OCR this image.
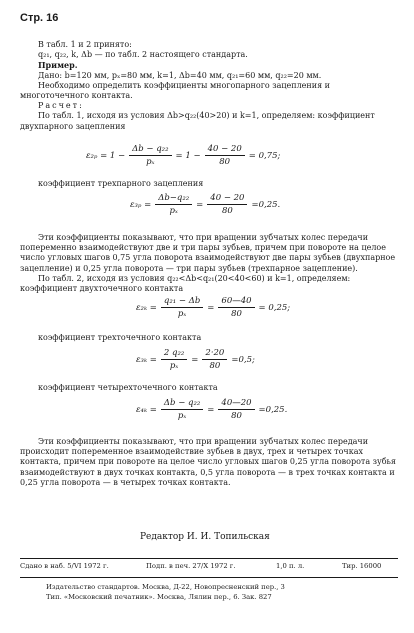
Стр. 16

В табл. 1 и 2 принято:

q₂₁, q₂₂, k, Δb — по табл. 2 настоящего стандарта.

Пример.

Дано: b=120 мм, pₓ=80 мм, k=1, Δb=40 мм, q₂₁=60 мм, q₂₂=20 мм.

Необходимо определить коэффициенты многопарного зацепления и многоточечного контакта.

Расчет:

По табл. 1, исходя из условия Δb>q₂₂(40>20) и k=1, определяем: коэффициент двухпарного зацепления

$\varepsilon_{2p} = 1 - \frac{\text{Δb − q₂₂}}{\text{pₓ}} = 1 - \frac{40 - 20}{80} = 0,75$;

коэффициент трехпарного зацепления

$\varepsilon_{3p} = \frac{\text{Δb−q₂₂}}{\text{pₓ}} = \frac{40 - 20}{80} =0,25$.

Эти коэффициенты показывают, что при вращении зубчатых колес передачи попеременно взаимодействуют две и три пары зубьев, причем при повороте на целое число угловых шагов 0,75 угла поворота взаимодействуют две пары зубьев (двухпарное зацепление) и 0,25 угла поворота — три пары зубьев (трехпарное зацепление).

По табл. 2, исходя из условия q₂₂<Δb<q₂₁(20<40<60) и k=1, определяем: коэффициент двухточечного контакта

$\varepsilon_{2k} = \frac{\text{q₂₁ − Δb}}{\text{pₓ}} = \frac{60—40}{80} = 0,25$;

коэффициент трехточечного контакта

$\varepsilon_{3k} = \frac{\text{2 q₂₂}}{\text{pₓ}} = \frac{2\cdot 20}{80} =0,5$;

коэффициент четырехточечного контакта

$\varepsilon_{4k} = \frac{\text{Δb − q₂₂}}{\text{pₓ}} = \frac{40—20}{80} =0,25$.

Эти коэффициенты показывают, что при вращении зубчатых колес передачи происходит попеременное взаимодействие зубьев в двух, трех и четырех точках контакта, причем при повороте на целое число угловых шагов 0,25 угла поворота зубья взаимодействуют в двух точках контакта, 0,5 угла поворота — в трех точках контакта и 0,25 угла поворота — в четырех точках контакта.

Редактор И. И. Топильская
Сдано в наб. 5/VI 1972 г.	Подп. в печ. 27/X 1972 г.	1,0 п. л.	Тир. 16000
Издательство стандартов. Москва, Д-22, Новопресненский пер., 3
Тип. «Московский печатник». Москва, Лялин пер., 6. Зак. 827
